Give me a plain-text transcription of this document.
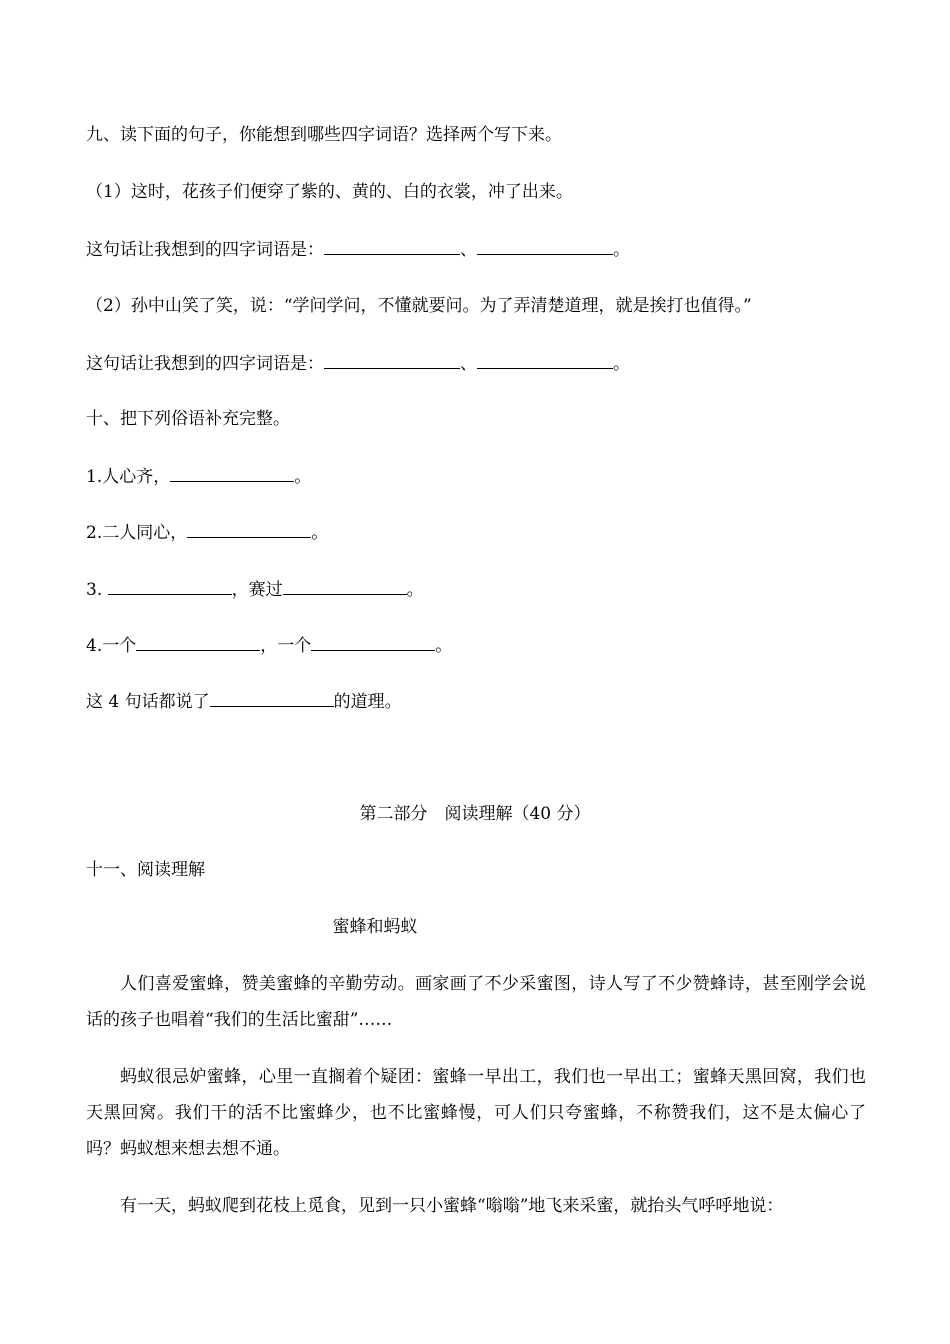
九、读下面的句子，你能想到哪些四字词语？选择两个写下来。
（1）这时，花孩子们便穿了紫的、黄的、白的衣裳，冲了出来。
这句话让我想到的四字词语是：	、	。
（2）孙中山笑了笑，说：“学问学问，不懂就要问。为了弄清楚道理，就是挨打也值得。”
这句话让我想到的四字词语是：	、	。
十、把下列俗语补充完整。
1.人心齐，	。
2.二人同心，	。
3.	，赛过	。
4.一个	，一个	。
这 4 句话都说了	的道理。
第二部分　阅读理解（40 分）
十一、阅读理解
蜜蜂和蚂蚁
人们喜爱蜜蜂，赞美蜜蜂的辛勤劳动。画家画了不少采蜜图，诗人写了不少赞蜂诗，甚至刚学会说话的孩子也唱着“我们的生活比蜜甜”……
蚂蚁很忌妒蜜蜂，心里一直搁着个疑团：蜜蜂一早出工，我们也一早出工；蜜蜂天黑回窝，我们也天黑回窝。我们干的活不比蜜蜂少，也不比蜜蜂慢，可人们只夸蜜蜂，不称赞我们，这不是太偏心了吗？蚂蚁想来想去想不通。
有一天，蚂蚁爬到花枝上觅食，见到一只小蜜蜂“嗡嗡”地飞来采蜜，就抬头气呼呼地说：
